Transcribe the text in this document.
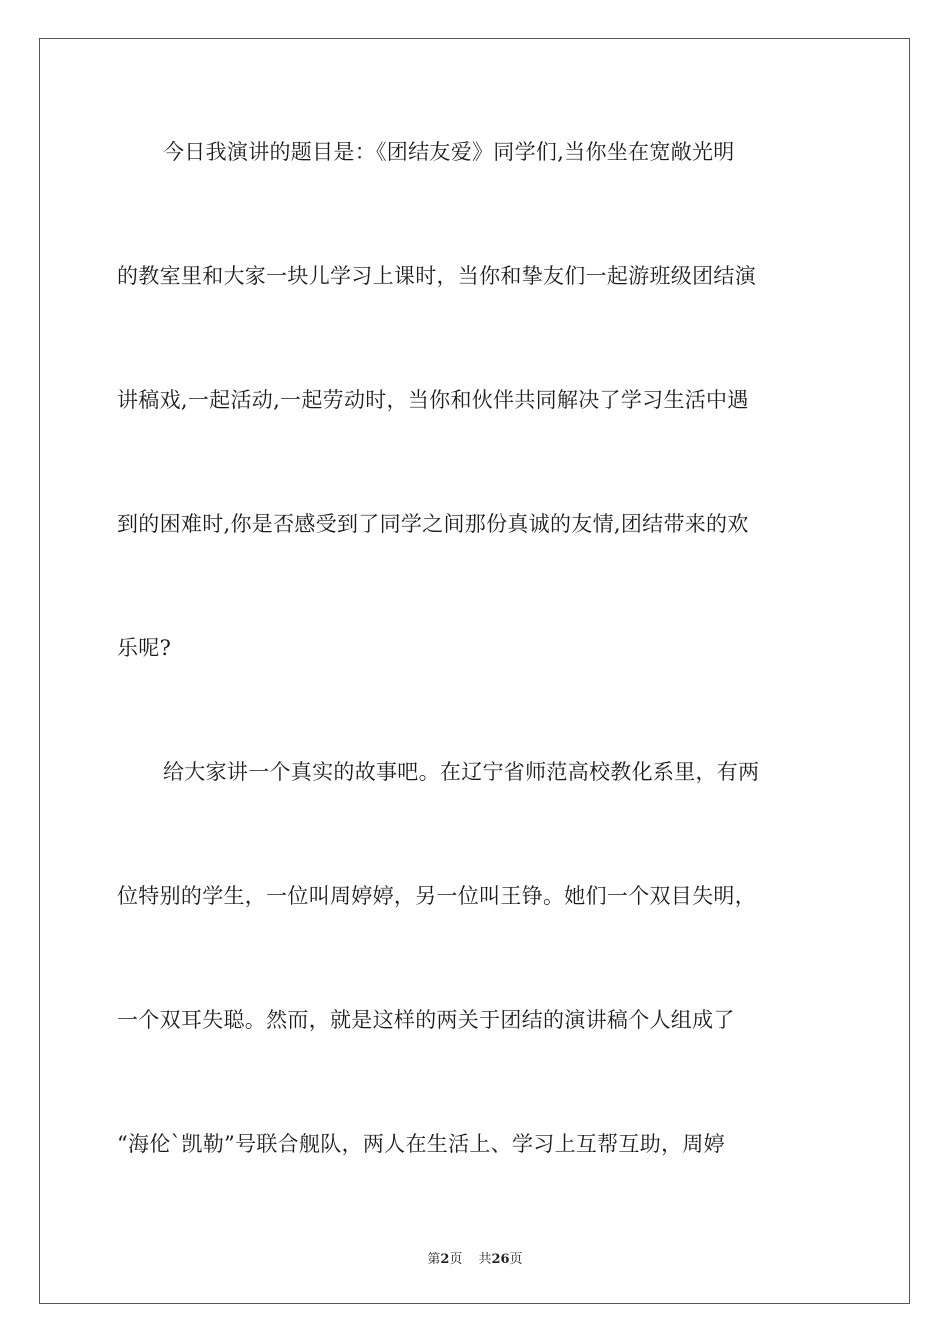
今日我演讲的题目是：《团结友爱》同学们,当你坐在宽敞光明
的教室里和大家一块儿学习上课时，当你和挚友们一起游班级团结演
讲稿戏,一起活动,一起劳动时，当你和伙伴共同解决了学习生活中遇
到的困难时,你是否感受到了同学之间那份真诚的友情,团结带来的欢
乐呢?
给大家讲一个真实的故事吧。在辽宁省师范高校教化系里，有两
位特别的学生，一位叫周婷婷，另一位叫王铮。她们一个双目失明，
一个双耳失聪。然而，就是这样的两关于团结的演讲稿个人组成了
“海伦`凯勒”号联合舰队，两人在生活上、学习上互帮互助，周婷
第2页 共26页
